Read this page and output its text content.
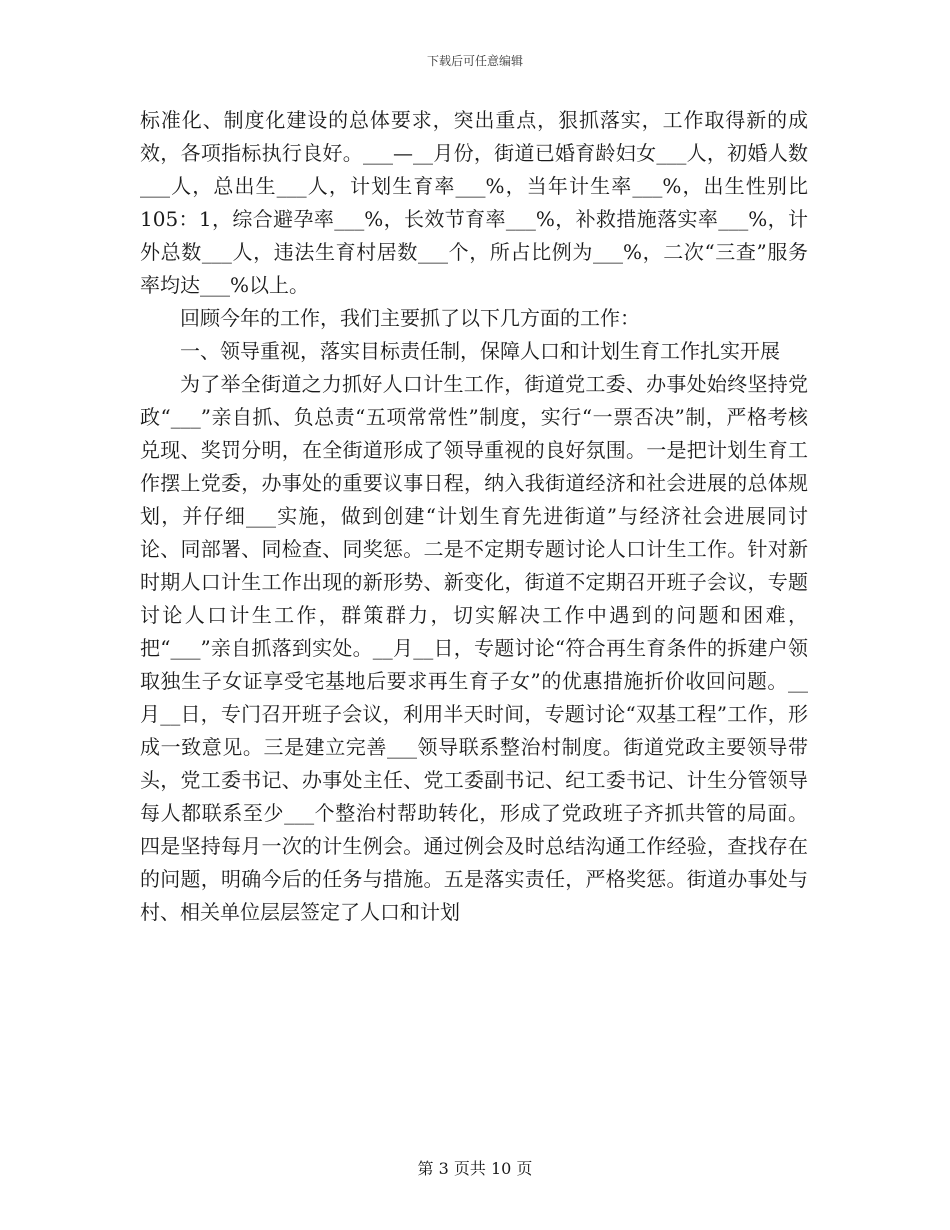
下载后可任意编辑

标准化、制度化建设的总体要求，突出重点，狠抓落实，工作取得新的成效，各项指标执行良好。___—__月份，街道已婚育龄妇女___人，初婚人数___人，总出生___人，计划生育率___%，当年计生率___%，出生性别比105：1，综合避孕率___%，长效节育率___%，补救措施落实率___%，计外总数___人，违法生育村居数___个，所占比例为___%，二次“三查”服务率均达___%以上。

回顾今年的工作，我们主要抓了以下几方面的工作：

一、领导重视，落实目标责任制，保障人口和计划生育工作扎实开展

为了举全街道之力抓好人口计生工作，街道党工委、办事处始终坚持党政“___”亲自抓、负总责“五项常常性”制度，实行“一票否决”制，严格考核兑现、奖罚分明，在全街道形成了领导重视的良好氛围。一是把计划生育工作摆上党委，办事处的重要议事日程，纳入我街道经济和社会进展的总体规划，并仔细___实施，做到创建“计划生育先进街道”与经济社会进展同讨论、同部署、同检查、同奖惩。二是不定期专题讨论人口计生工作。针对新时期人口计生工作出现的新形势、新变化，街道不定期召开班子会议，专题讨论人口计生工作，群策群力，切实解决工作中遇到的问题和困难，把“___”亲自抓落到实处。__月__日，专题讨论“符合再生育条件的拆建户领取独生子女证享受宅基地后要求再生育子女”的优惠措施折价收回问题。__月__日，专门召开班子会议，利用半天时间，专题讨论“双基工程”工作，形成一致意见。三是建立完善___领导联系整治村制度。街道党政主要领导带头，党工委书记、办事处主任、党工委副书记、纪工委书记、计生分管领导每人都联系至少___个整治村帮助转化，形成了党政班子齐抓共管的局面。四是坚持每月一次的计生例会。通过例会及时总结沟通工作经验，查找存在的问题，明确今后的任务与措施。五是落实责任，严格奖惩。街道办事处与村、相关单位层层签定了人口和计划

第 3 页共 10 页
